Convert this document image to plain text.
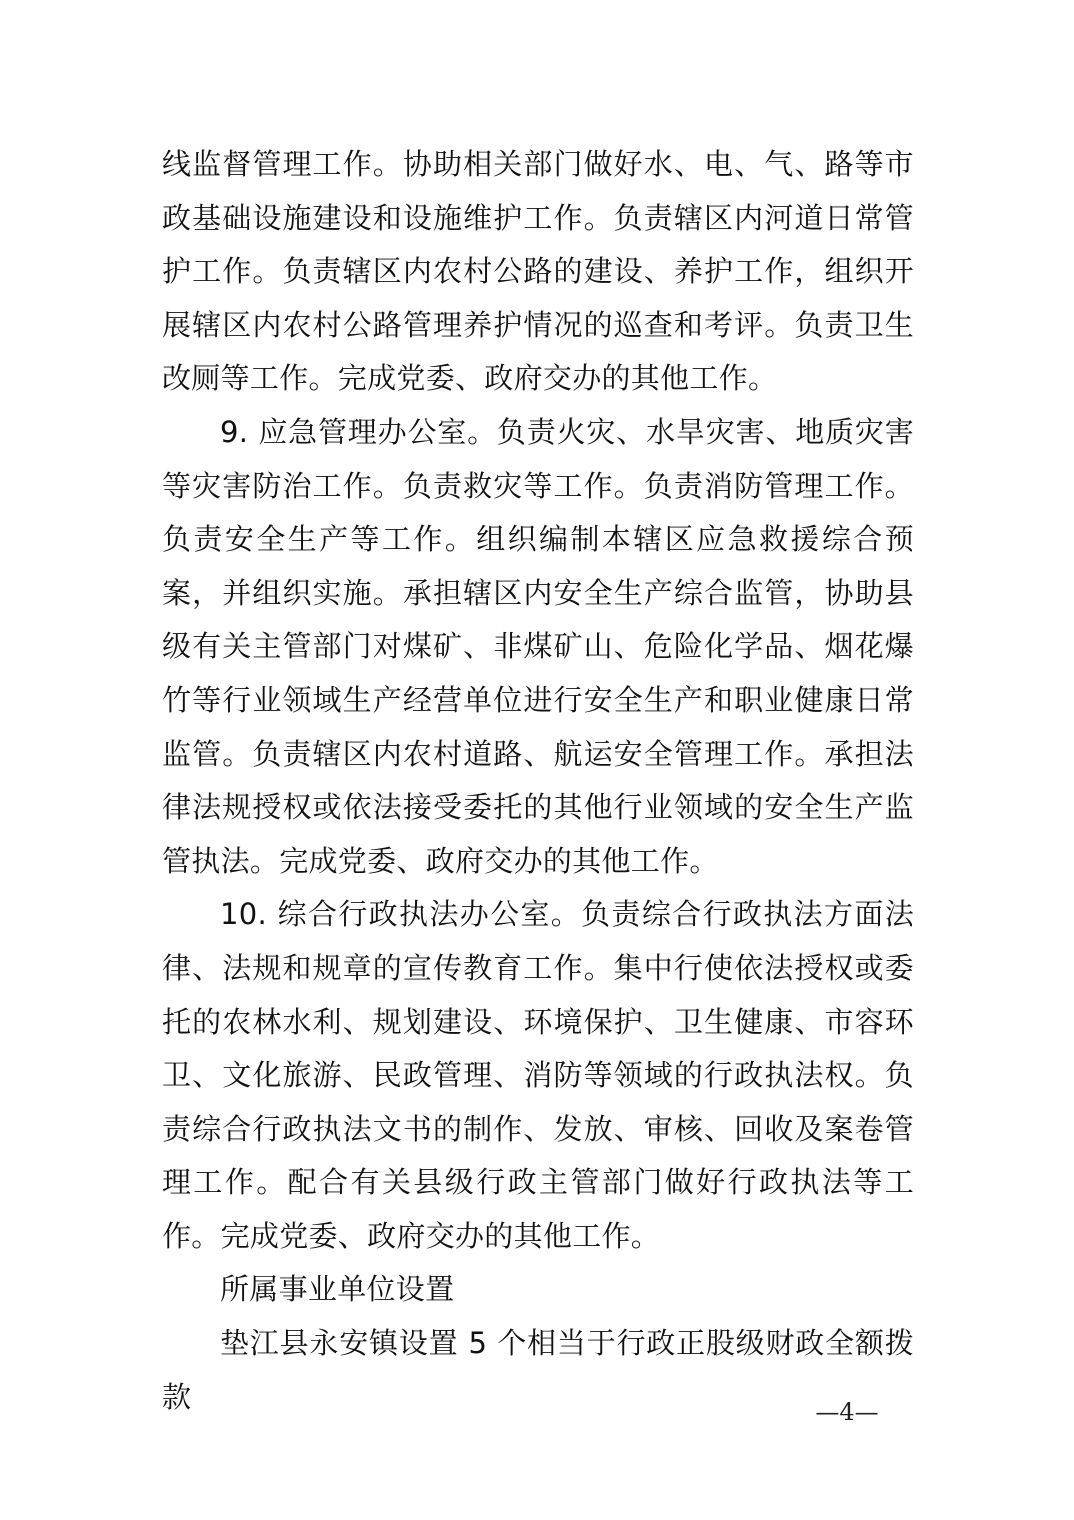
线监督管理工作。协助相关部门做好水、电、气、路等市政基础设施建设和设施维护工作。负责辖区内河道日常管护工作。负责辖区内农村公路的建设、养护工作，组织开展辖区内农村公路管理养护情况的巡查和考评。负责卫生改厕等工作。完成党委、政府交办的其他工作。

9. 应急管理办公室。负责火灾、水旱灾害、地质灾害等灾害防治工作。负责救灾等工作。负责消防管理工作。负责安全生产等工作。组织编制本辖区应急救援综合预案，并组织实施。承担辖区内安全生产综合监管，协助县级有关主管部门对煤矿、非煤矿山、危险化学品、烟花爆竹等行业领域生产经营单位进行安全生产和职业健康日常监管。负责辖区内农村道路、航运安全管理工作。承担法律法规授权或依法接受委托的其他行业领域的安全生产监管执法。完成党委、政府交办的其他工作。

10. 综合行政执法办公室。负责综合行政执法方面法律、法规和规章的宣传教育工作。集中行使依法授权或委托的农林水利、规划建设、环境保护、卫生健康、市容环卫、文化旅游、民政管理、消防等领域的行政执法权。负责综合行政执法文书的制作、发放、审核、回收及案卷管理工作。配合有关县级行政主管部门做好行政执法等工作。完成党委、政府交办的其他工作。

所属事业单位设置

垫江县永安镇设置 5 个相当于行政正股级财政全额拨款	—4—
